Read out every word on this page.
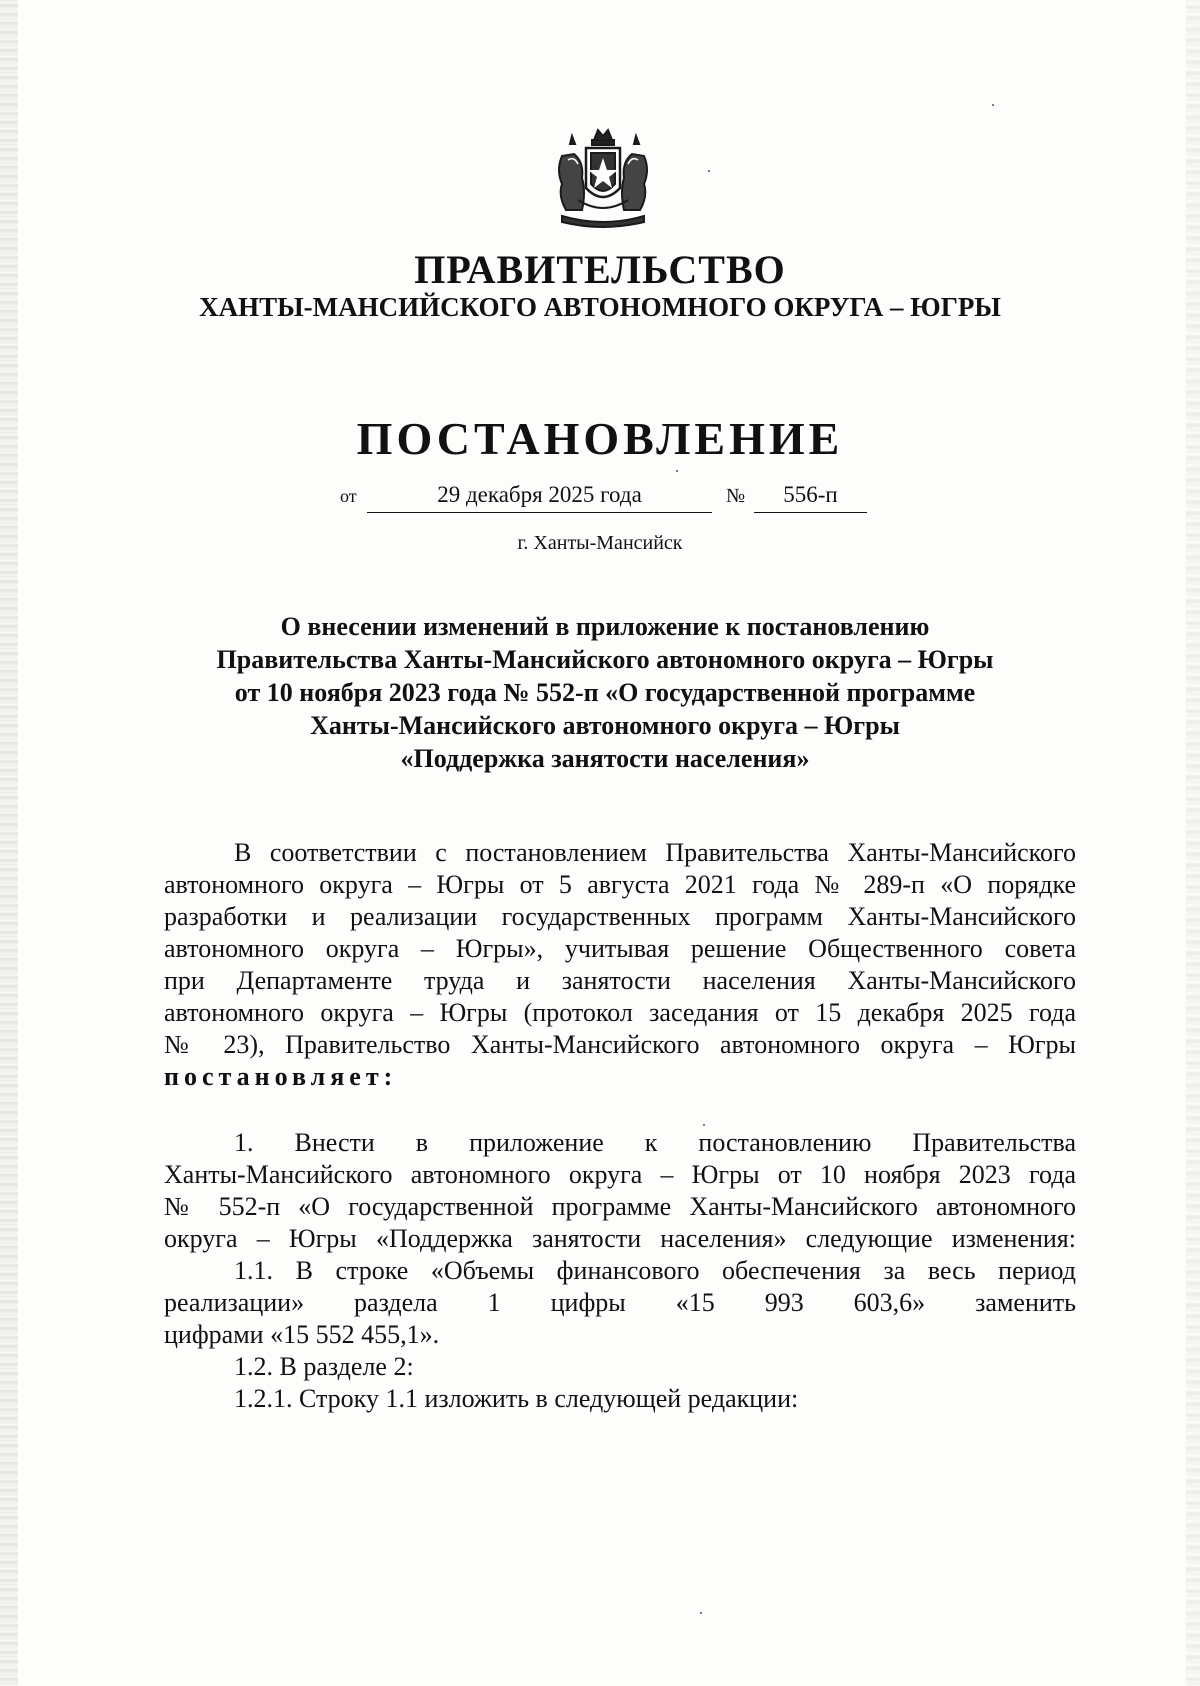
ПРАВИТЕЛЬСТВО
ХАНТЫ-МАНСИЙСКОГО АВТОНОМНОГО ОКРУГА – ЮГРЫ
ПОСТАНОВЛЕНИЕ
от	29 декабря 2025 года	№	556-п
г. Ханты-Мансийск
О внесении изменений в приложение к постановлению
Правительства Ханты-Мансийского автономного округа – Югры
от 10 ноября 2023 года № 552-п «О государственной программе
Ханты-Мансийского автономного округа – Югры
«Поддержка занятости населения»
В соответствии с постановлением Правительства Ханты-Мансийского
автономного округа – Югры от 5 августа 2021 года № 289-п «О порядке
разработки и реализации государственных программ Ханты-Мансийского
автономного округа – Югры», учитывая решение Общественного совета
при Департаменте труда и занятости населения Ханты-Мансийского
автономного округа – Югры (протокол заседания от 15 декабря 2025 года
№ 23), Правительство Ханты-Мансийского автономного округа – Югры
постановляет:
1. Внести в приложение к постановлению Правительства
Ханты-Мансийского автономного округа – Югры от 10 ноября 2023 года
№ 552-п «О государственной программе Ханты-Мансийского автономного
округа – Югры «Поддержка занятости населения» следующие изменения:
1.1. В строке «Объемы финансового обеспечения за весь период
реализации» раздела 1 цифры «15 993 603,6» заменить
цифрами «15 552 455,1».
1.2. В разделе 2:
1.2.1. Строку 1.1 изложить в следующей редакции:
